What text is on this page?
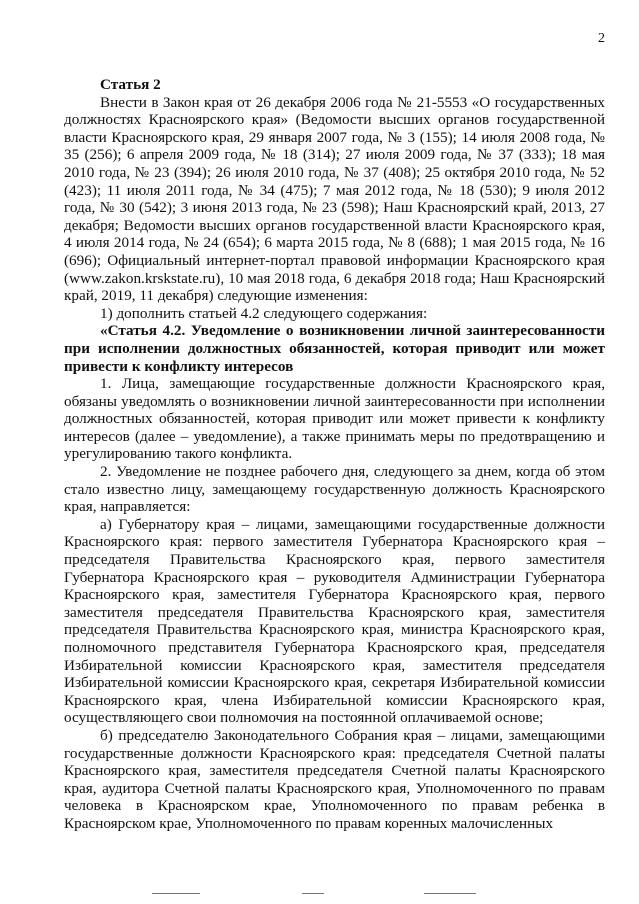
2

Статья 2

Внести в Закон края от 26 декабря 2006 года № 21-5553 «О государственных должностях Красноярского края» (Ведомости высших органов государственной власти Красноярского края, 29 января 2007 года, № 3 (155); 14 июля 2008 года, № 35 (256); 6 апреля 2009 года, № 18 (314); 27 июля 2009 года, № 37 (333); 18 мая 2010 года, № 23 (394); 26 июля 2010 года, № 37 (408); 25 октября 2010 года, № 52 (423); 11 июля 2011 года, № 34 (475); 7 мая 2012 года, № 18 (530); 9 июля 2012 года, № 30 (542); 3 июня 2013 года, № 23 (598); Наш Красноярский край, 2013, 27 декабря; Ведомости высших органов государственной власти Красноярского края, 4 июля 2014 года, № 24 (654); 6 марта 2015 года, № 8 (688); 1 мая 2015 года, № 16 (696); Официальный интернет-портал правовой информации Красноярского края (www.zakon.krskstate.ru), 10 мая 2018 года, 6 декабря 2018 года; Наш Красноярский край, 2019, 11 декабря) следующие изменения:

1) дополнить статьей 4.2 следующего содержания:

«Статья 4.2. Уведомление о возникновении личной заинтересованности при исполнении должностных обязанностей, которая приводит или может привести к конфликту интересов

1. Лица, замещающие государственные должности Красноярского края, обязаны уведомлять о возникновении личной заинтересованности при исполнении должностных обязанностей, которая приводит или может привести к конфликту интересов (далее – уведомление), а также принимать меры по предотвращению и урегулированию такого конфликта.

2. Уведомление не позднее рабочего дня, следующего за днем, когда об этом стало известно лицу, замещающему государственную должность Красноярского края, направляется:

а) Губернатору края – лицами, замещающими государственные должности Красноярского края: первого заместителя Губернатора Красноярского края – председателя Правительства Красноярского края, первого заместителя Губернатора Красноярского края – руководителя Администрации Губернатора Красноярского края, заместителя Губернатора Красноярского края, первого заместителя председателя Правительства Красноярского края, заместителя председателя Правительства Красноярского края, министра Красноярского края, полномочного представителя Губернатора Красноярского края, председателя Избирательной комиссии Красноярского края, заместителя председателя Избирательной комиссии Красноярского края, секретаря Избирательной комиссии Красноярского края, члена Избирательной комиссии Красноярского края, осуществляющего свои полномочия на постоянной оплачиваемой основе;

б) председателю Законодательного Собрания края – лицами, замещающими государственные должности Красноярского края: председателя Счетной палаты Красноярского края, заместителя председателя Счетной палаты Красноярского края, аудитора Счетной палаты Красноярского края, Уполномоченного по правам человека в Красноярском крае, Уполномоченного по правам ребенка в Красноярском крае, Уполномоченного по правам коренных малочисленных
